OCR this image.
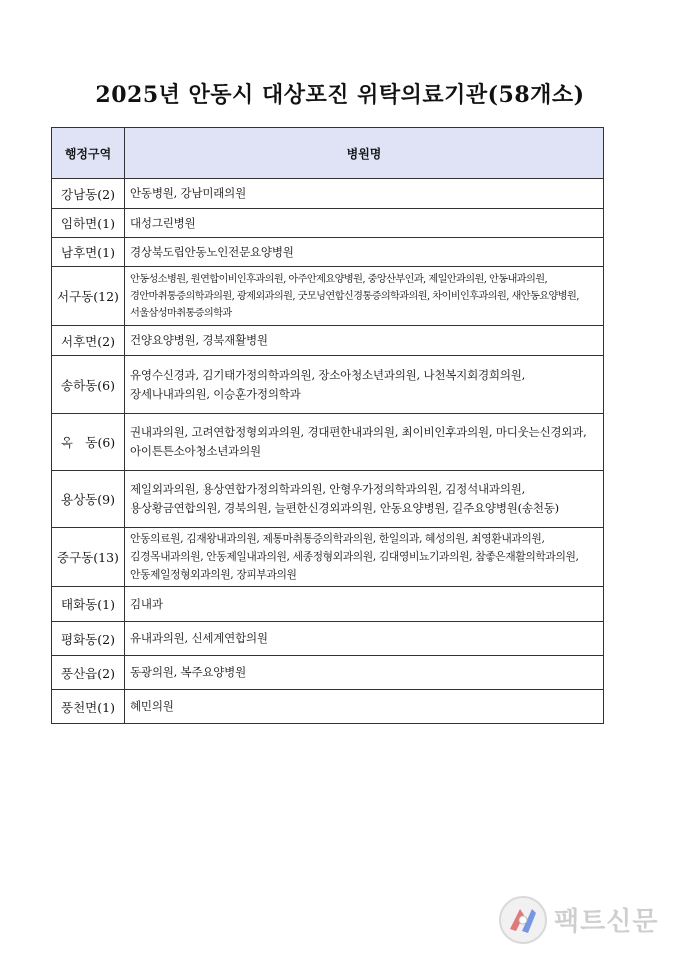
2025년 안동시 대상포진 위탁의료기관(58개소)
행정구역	병원명
강남동(2)	안동병원, 강남미래의원
임하면(1)	대성그린병원
남후면(1)	경상북도립안동노인전문요양병원
서구동(12)	안동성소병원, 원연합이비인후과의원, 아주안제요양병원, 중앙산부인과, 제일안과의원, 안동내과의원, 경안마취통증의학과의원, 광제외과의원, 굿모닝연합신경통증의학과의원, 차이비인후과의원, 새안동요양병원, 서울삼성마취통증의학과
서후면(2)	건양요양병원, 경북재활병원
송하동(6)	유영수신경과, 김기태가정의학과의원, 장소아청소년과의원, 나천복지회경희의원, 장세나내과의원, 이승훈가정의학과
옥　동(6)	권내과의원, 고려연합정형외과의원, 경대편한내과의원, 최이비인후과의원, 마디웃는신경외과, 아이튼튼소아청소년과의원
용상동(9)	제일외과의원, 용상연합가정의학과의원, 안형우가정의학과의원, 김정석내과의원, 용상황금연합의원, 경북의원, 늘편한신경외과의원, 안동요양병원, 길주요양병원(송천동)
중구동(13)	안동의료원, 김재왕내과의원, 제통마취통증의학과의원, 한일의과, 혜성의원, 최영환내과의원, 김경목내과의원, 안동제일내과의원, 세종정형외과의원, 김대영비뇨기과의원, 참좋은재활의학과의원, 안동제일정형외과의원, 장피부과의원
태화동(1)	김내과
평화동(2)	유내과의원, 신세계연합의원
풍산읍(2)	동광의원, 복주요양병원
풍천면(1)	혜민의원
팩트신문
